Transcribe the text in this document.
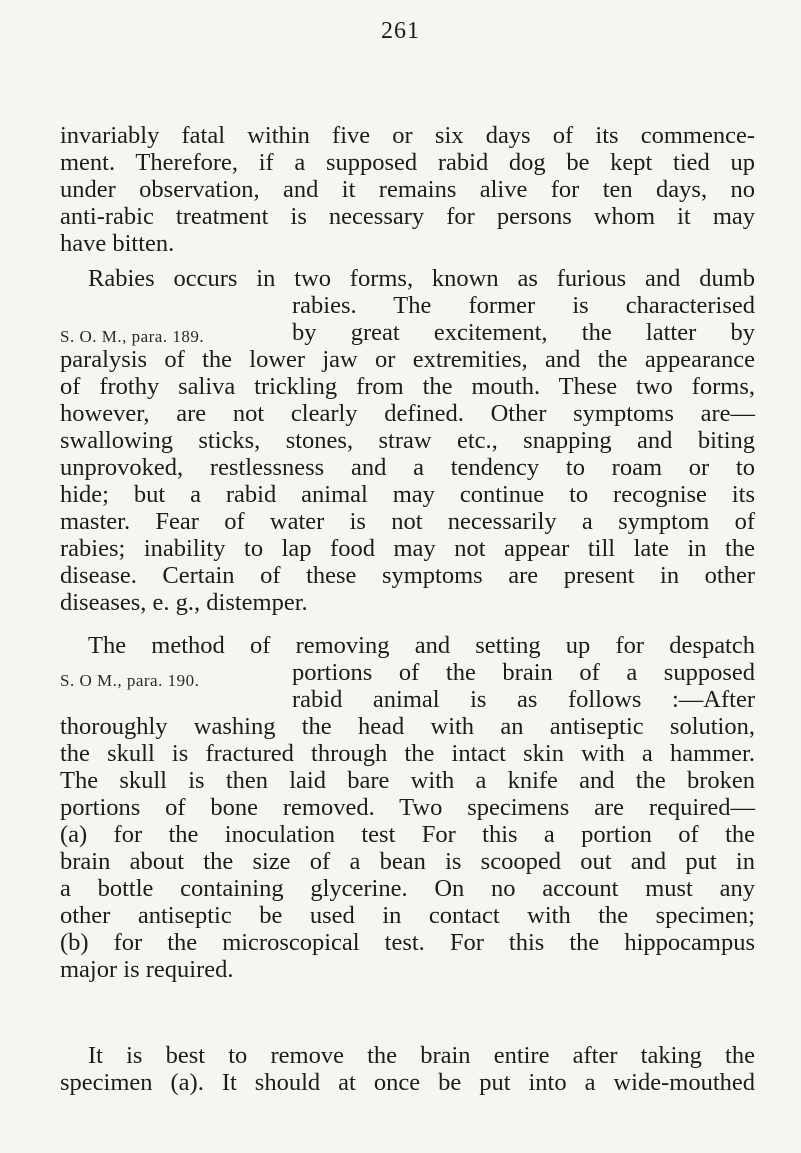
261
invariably fatal within five or six days of its commence-
ment. Therefore, if a supposed rabid dog be kept tied up
under observation, and it remains alive for ten days, no
anti-rabic treatment is necessary for persons whom it may
have bitten.
Rabies occurs in two forms, known as furious and dumb
rabies. The former is characterised
by great excitement, the latter by
paralysis of the lower jaw or extremities, and the appearance
of frothy saliva trickling from the mouth. These two forms,
however, are not clearly defined. Other symptoms are—
swallowing sticks, stones, straw etc., snapping and biting
unprovoked, restlessness and a tendency to roam or to
hide; but a rabid animal may continue to recognise its
master. Fear of water is not necessarily a symptom of
rabies; inability to lap food may not appear till late in the
disease. Certain of these symptoms are present in other
diseases, e. g., distemper.
S. O. M., para. 189.
The method of removing and setting up for despatch
portions of the brain of a supposed
rabid animal is as follows :—After
thoroughly washing the head with an antiseptic solution,
the skull is fractured through the intact skin with a hammer.
The skull is then laid bare with a knife and the broken
portions of bone removed. Two specimens are required—
(a) for the inoculation test For this a portion of the
brain about the size of a bean is scooped out and put in
a bottle containing glycerine. On no account must any
other antiseptic be used in contact with the specimen;
(b) for the microscopical test. For this the hippocampus
major is required.
S. O M., para. 190.
It is best to remove the brain entire after taking the
specimen (a). It should at once be put into a wide-mouthed
